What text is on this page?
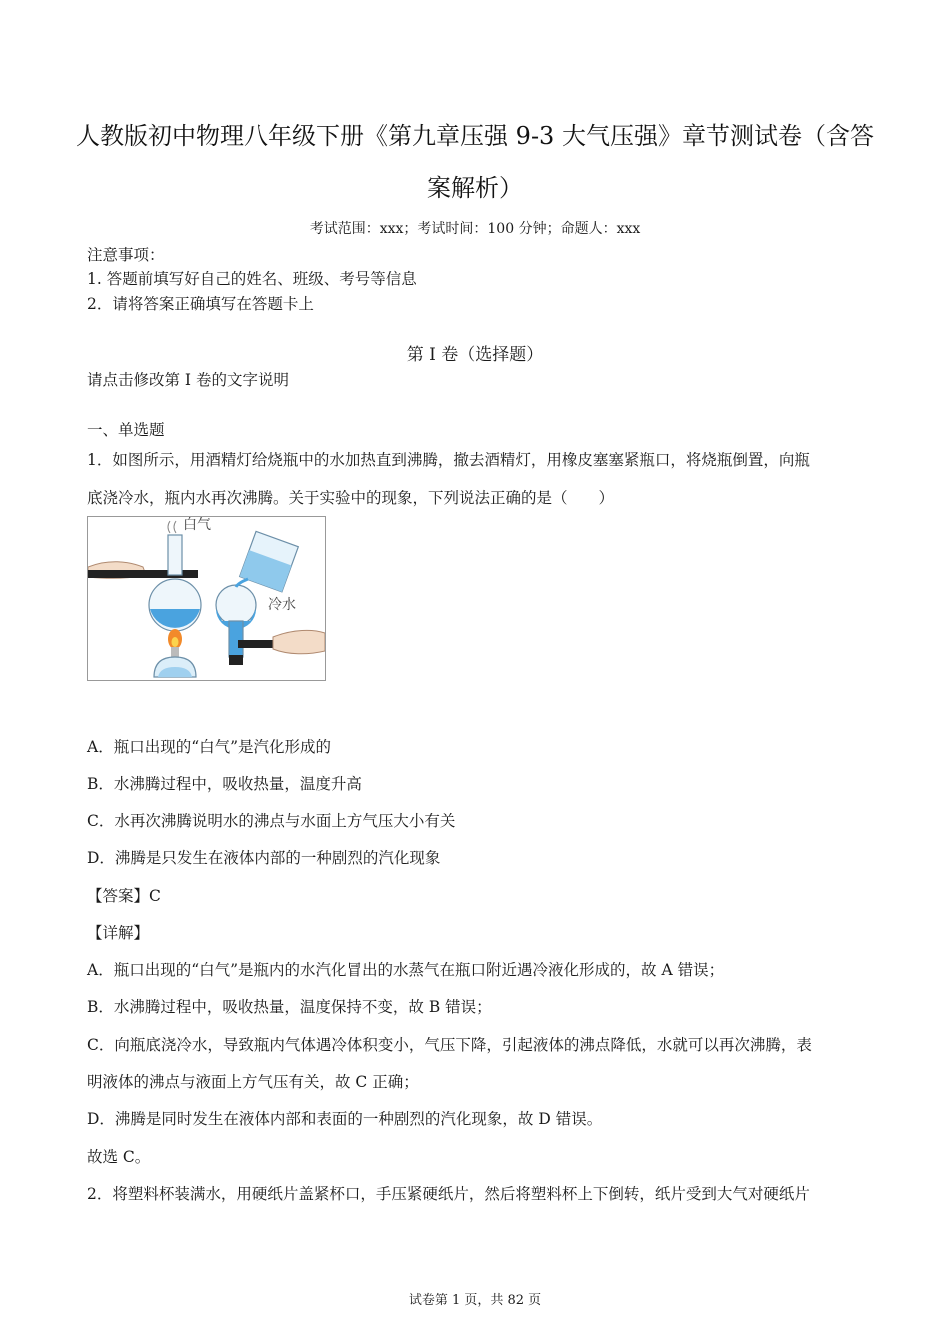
人教版初中物理八年级下册《第九章压强 9-3 大气压强》章节测试卷（含答
案解析）
考试范围：xxx；考试时间：100 分钟；命题人：xxx
注意事项：
1. 答题前填写好自己的姓名、班级、考号等信息
2．请将答案正确填写在答题卡上
第 I 卷（选择题）
请点击修改第 I 卷的文字说明
一、单选题
1．如图所示，用酒精灯给烧瓶中的水加热直到沸腾，撤去酒精灯，用橡皮塞塞紧瓶口，将烧瓶倒置，向瓶
底浇冷水，瓶内水再次沸腾。关于实验中的现象，下列说法正确的是（　　）
白气
冷水
A．瓶口出现的“白气”是汽化形成的
B．水沸腾过程中，吸收热量，温度升高
C．水再次沸腾说明水的沸点与水面上方气压大小有关
D．沸腾是只发生在液体内部的一种剧烈的汽化现象
【答案】C
【详解】
A．瓶口出现的“白气”是瓶内的水汽化冒出的水蒸气在瓶口附近遇冷液化形成的，故 A 错误；
B．水沸腾过程中，吸收热量，温度保持不变，故 B 错误；
C．向瓶底浇冷水，导致瓶内气体遇冷体积变小，气压下降，引起液体的沸点降低，水就可以再次沸腾，表
明液体的沸点与液面上方气压有关，故 C 正确；
D．沸腾是同时发生在液体内部和表面的一种剧烈的汽化现象，故 D 错误。
故选 C。
2．将塑料杯装满水，用硬纸片盖紧杯口，手压紧硬纸片，然后将塑料杯上下倒转，纸片受到大气对硬纸片
试卷第 1 页，共 82 页
